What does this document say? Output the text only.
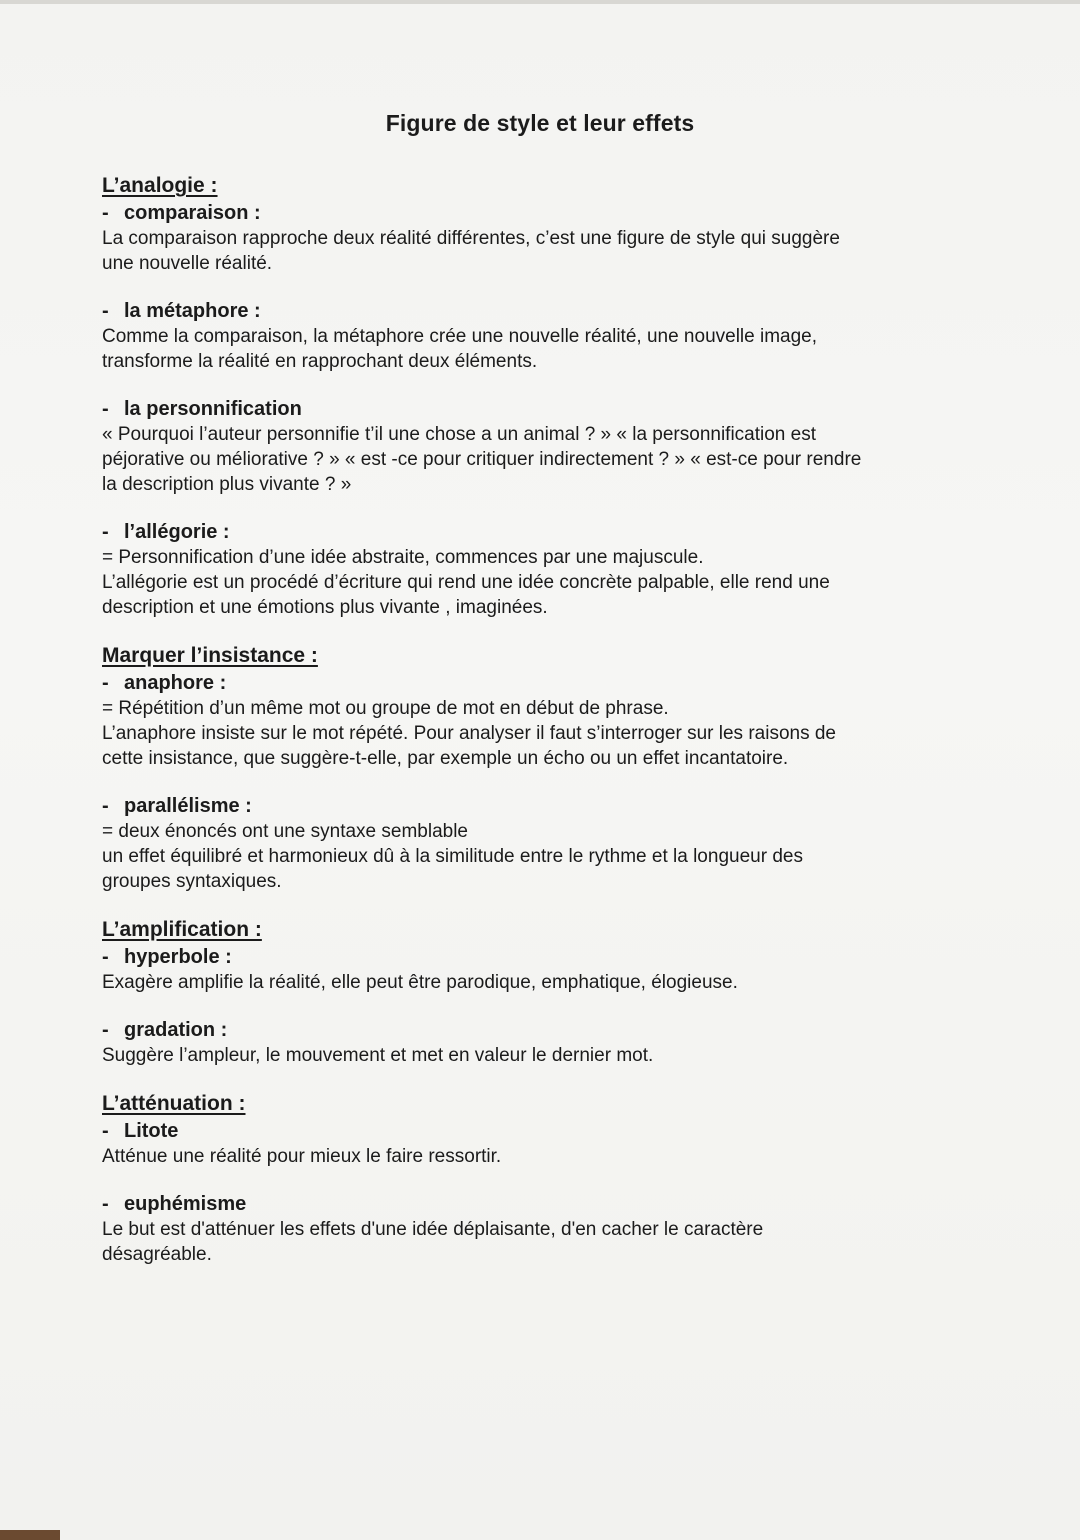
Figure de style et leur effets
L’analogie :
- comparaison :
La comparaison rapproche deux réalité différentes, c’est une figure de style qui suggère
une nouvelle réalité.
- la métaphore :
Comme la comparaison, la métaphore crée une nouvelle réalité, une nouvelle image,
transforme la réalité en rapprochant deux éléments.
- la personnification
« Pourquoi l’auteur personnifie t’il une chose a un animal ? » « la personnification est
péjorative ou méliorative ? » « est -ce pour critiquer indirectement ? » « est-ce pour rendre
la description plus vivante ? »
- l’allégorie :
= Personnification d’une idée abstraite, commences par une majuscule.
L’allégorie est un procédé d’écriture qui rend une idée concrète palpable, elle rend une
description et une émotions plus vivante , imaginées.
Marquer l’insistance :
- anaphore :
= Répétition d’un même mot ou groupe de mot en début de phrase.
L’anaphore insiste sur le mot répété. Pour analyser il faut s’interroger sur les raisons de
cette insistance, que suggère-t-elle, par exemple un écho ou un effet incantatoire.
- parallélisme :
= deux énoncés ont une syntaxe semblable
un effet équilibré et harmonieux dû à la similitude entre le rythme et la longueur des
groupes syntaxiques.
L’amplification :
- hyperbole :
Exagère amplifie la réalité, elle peut être parodique, emphatique, élogieuse.
- gradation :
Suggère l’ampleur, le mouvement et met en valeur le dernier mot.
L’atténuation :
- Litote
Atténue une réalité pour mieux le faire ressortir.
- euphémisme
Le but est d'atténuer les effets d'une idée déplaisante, d'en cacher le caractère
désagréable.
